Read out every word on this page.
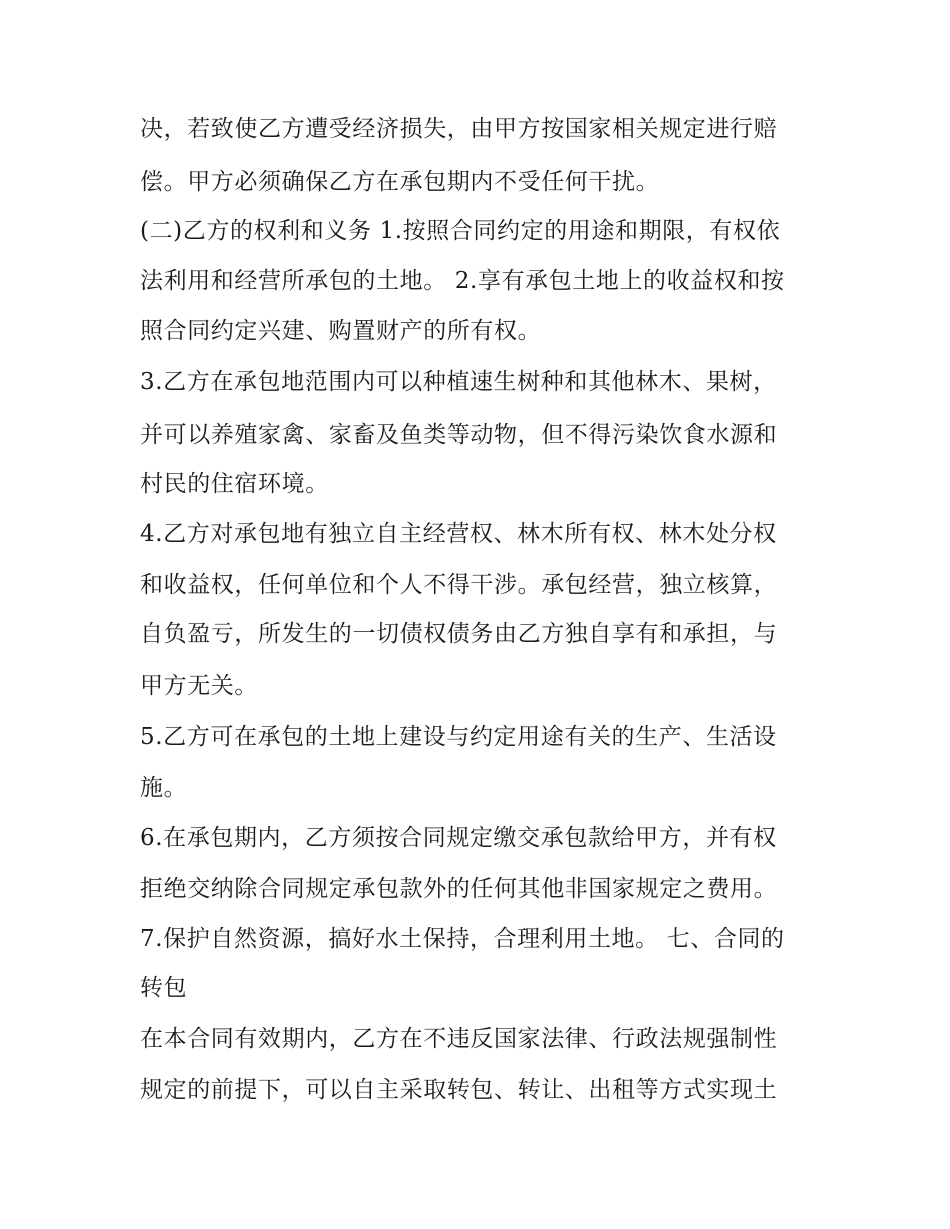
决，若致使乙方遭受经济损失，由甲方按国家相关规定进行赔
偿。甲方必须确保乙方在承包期内不受任何干扰。
(二)乙方的权利和义务 1.按照合同约定的用途和期限，有权依
法利用和经营所承包的土地。 2.享有承包土地上的收益权和按
照合同约定兴建、购置财产的所有权。
3.乙方在承包地范围内可以种植速生树种和其他林木、果树，
并可以养殖家禽、家畜及鱼类等动物，但不得污染饮食水源和
村民的住宿环境。
4.乙方对承包地有独立自主经营权、林木所有权、林木处分权
和收益权，任何单位和个人不得干涉。承包经营，独立核算，
自负盈亏，所发生的一切债权债务由乙方独自享有和承担，与
甲方无关。
5.乙方可在承包的土地上建设与约定用途有关的生产、生活设
施。
6.在承包期内，乙方须按合同规定缴交承包款给甲方，并有权
拒绝交纳除合同规定承包款外的任何其他非国家规定之费用。
7.保护自然资源，搞好水土保持，合理利用土地。 七、合同的
转包
在本合同有效期内，乙方在不违反国家法律、行政法规强制性
规定的前提下，可以自主采取转包、转让、出租等方式实现土
